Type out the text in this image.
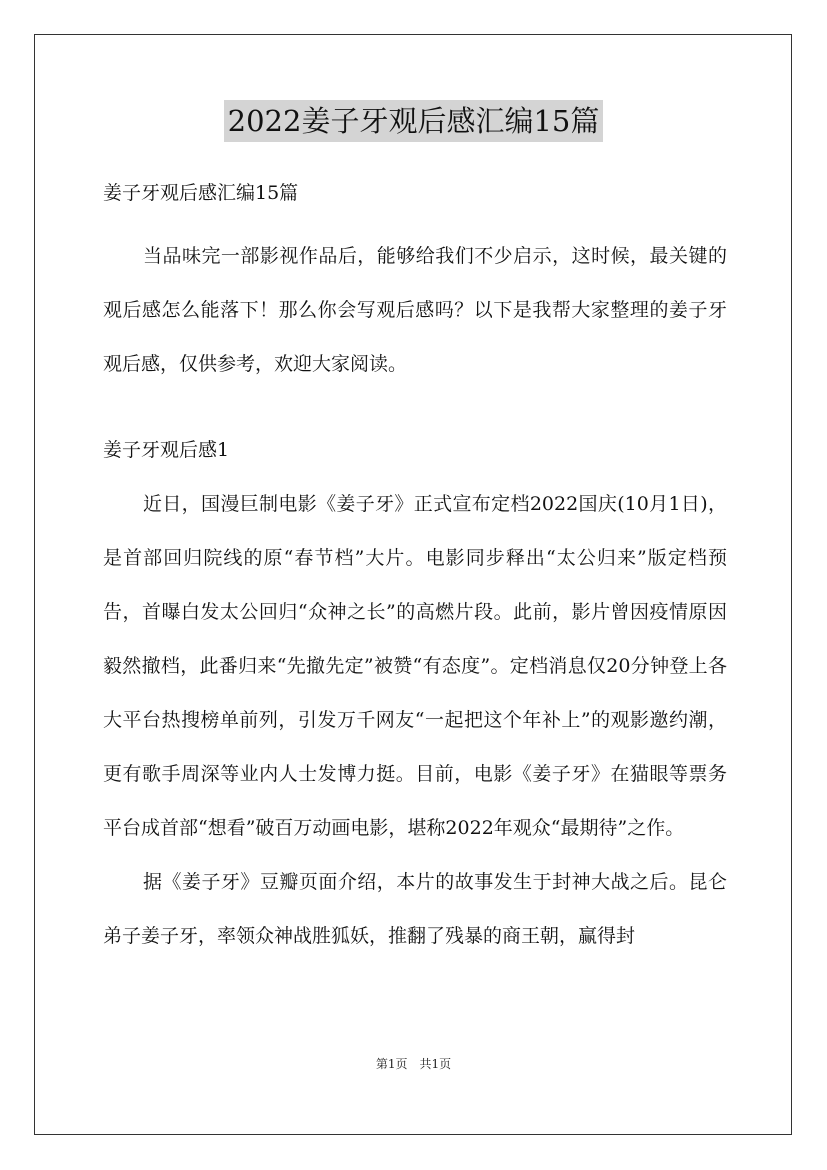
2022姜子牙观后感汇编15篇

姜子牙观后感汇编15篇

当品味完一部影视作品后，能够给我们不少启示，这时候，最关键的观后感怎么能落下！那么你会写观后感吗？以下是我帮大家整理的姜子牙观后感，仅供参考，欢迎大家阅读。

姜子牙观后感1

近日，国漫巨制电影《姜子牙》正式宣布定档2022国庆(10月1日)，是首部回归院线的原“春节档”大片。电影同步释出“太公归来”版定档预告，首曝白发太公回归“众神之长”的高燃片段。此前，影片曾因疫情原因毅然撤档，此番归来“先撤先定”被赞“有态度”。定档消息仅20分钟登上各大平台热搜榜单前列，引发万千网友“一起把这个年补上”的观影邀约潮，更有歌手周深等业内人士发博力挺。目前，电影《姜子牙》在猫眼等票务平台成首部“想看”破百万动画电影，堪称2022年观众“最期待”之作。

据《姜子牙》豆瓣页面介绍，本片的故事发生于封神大战之后。昆仑弟子姜子牙，率领众神战胜狐妖，推翻了残暴的商王朝，赢得封

第1页 共1页
